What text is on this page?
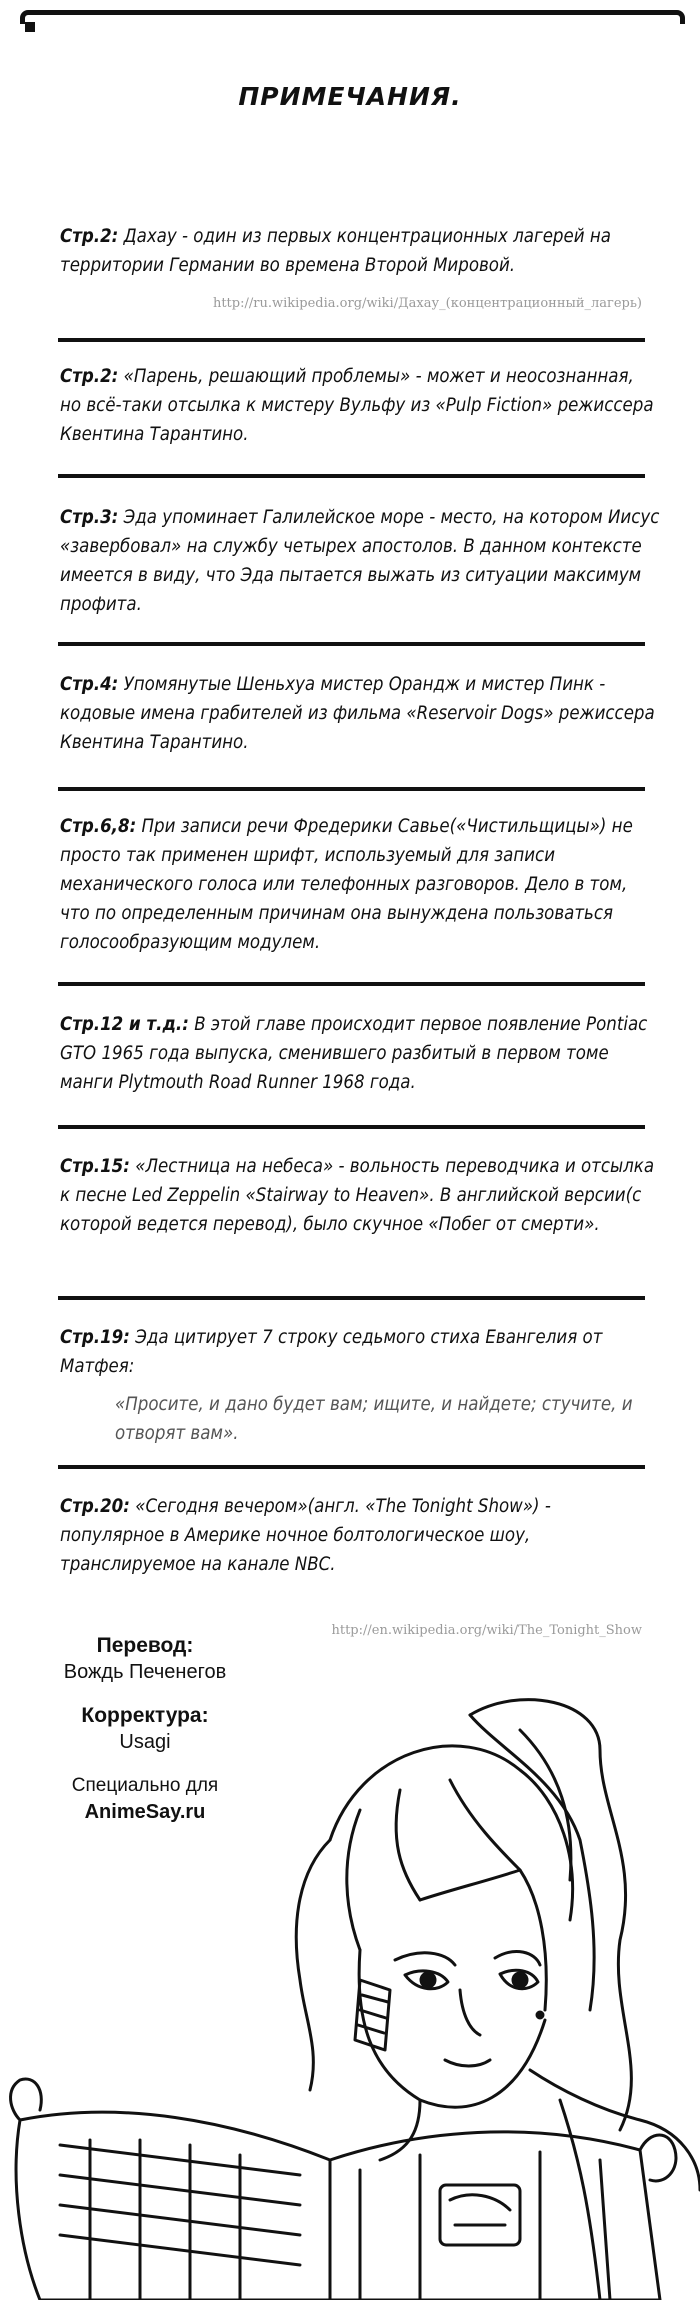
ПРИМЕЧАНИЯ.
Стр.2: Дахау - один из первых концентрационных лагерей на территории Германии во времена Второй Мировой.
http://ru.wikipedia.org/wiki/Дахау_(концентрационный_лагерь)
Стр.2: «Парень, решающий проблемы» - может и неосознанная, но всё-таки отсылка к мистеру Вульфу из «Pulp Fiction» режиссера Квентина Тарантино.
Стр.3: Эда упоминает Галилейское море - место, на котором Иисус «завербовал» на службу четырех апостолов. В данном контексте имеется в виду, что Эда пытается выжать из ситуации максимум профита.
Стр.4: Упомянутые Шеньхуа мистер Орандж и мистер Пинк - кодовые имена грабителей из фильма «Reservoir Dogs» режиссера Квентина Тарантино.
Стр.6,8: При записи речи Фредерики Савье(«Чистильщицы») не просто так применен шрифт, используемый для записи механического голоса или телефонных разговоров. Дело в том, что по определенным причинам она вынуждена пользоваться голосообразующим модулем.
Стр.12 и т.д.: В этой главе происходит первое появление Pontiac GTO 1965 года выпуска, сменившего разбитый в первом томе манги Plytmouth Road Runner 1968 года.
Стр.15: «Лестница на небеса» - вольность переводчика и отсылка к песне Led Zeppelin «Stairway to Heaven». В английской версии(с которой ведется перевод), было скучное «Побег от смерти».
Стр.19: Эда цитирует 7 строку седьмого стиха Евангелия от Матфея:
«Просите, и дано будет вам; ищите, и найдете; стучите, и отворят вам».
Стр.20: «Сегодня вечером»(англ. «The Tonight Show») - популярное в Америке ночное болтологическое шоу, транслируемое на канале NBC.
http://en.wikipedia.org/wiki/The_Tonight_Show
Перевод:
Вождь Печенегов
Корректура:
Usagi
Специально для
AnimeSay.ru
